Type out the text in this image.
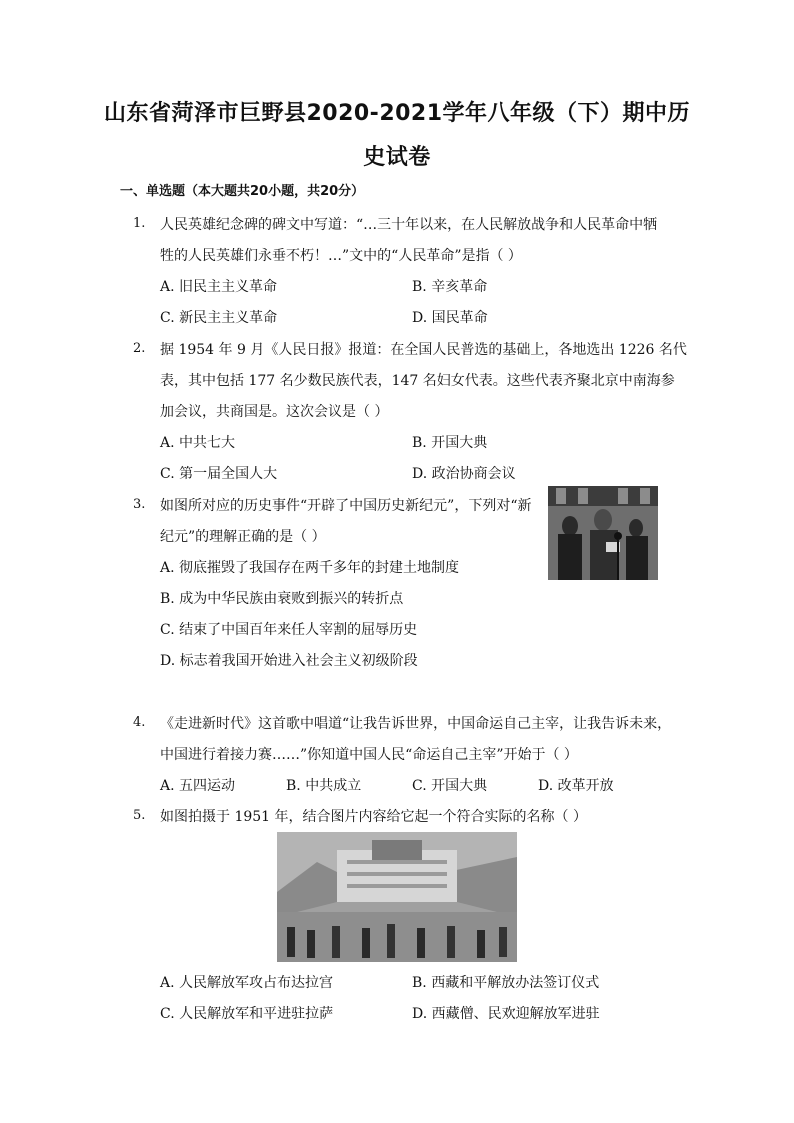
山东省菏泽市巨野县2020-2021学年八年级（下）期中历
史试卷
一、单选题（本大题共20小题，共20分）
1. 人民英雄纪念碑的碑文中写道：“…三十年以来，在人民解放战争和人民革命中牺
牲的人民英雄们永垂不朽！…”文中的“人民革命”是指（ ）
A. 旧民主主义革命	B. 辛亥革命
C. 新民主主义革命	D. 国民革命
2. 据 1954 年 9 月《人民日报》报道：在全国人民普选的基础上，各地选出 1226 名代
表，其中包括 177 名少数民族代表，147 名妇女代表。这些代表齐聚北京中南海参
加会议，共商国是。这次会议是（ ）
A. 中共七大	B. 开国大典
C. 第一届全国人大	D. 政治协商会议
3. 如图所对应的历史事件“开辟了中国历史新纪元”，下列对“新
纪元”的理解正确的是（ ）
A. 彻底摧毁了我国存在两千多年的封建土地制度
B. 成为中华民族由衰败到振兴的转折点
C. 结束了中国百年来任人宰割的屈辱历史
D. 标志着我国开始进入社会主义初级阶段
4. 《走进新时代》这首歌中唱道“让我告诉世界，中国命运自己主宰，让我告诉未来，
中国进行着接力赛……”你知道中国人民“命运自己主宰”开始于（ ）
A. 五四运动	B. 中共成立	C. 开国大典	D. 改革开放
5. 如图拍摄于 1951 年，结合图片内容给它起一个符合实际的名称（ ）
A. 人民解放军攻占布达拉宫	B. 西藏和平解放办法签订仪式
C. 人民解放军和平进驻拉萨	D. 西藏僧、民欢迎解放军进驻
